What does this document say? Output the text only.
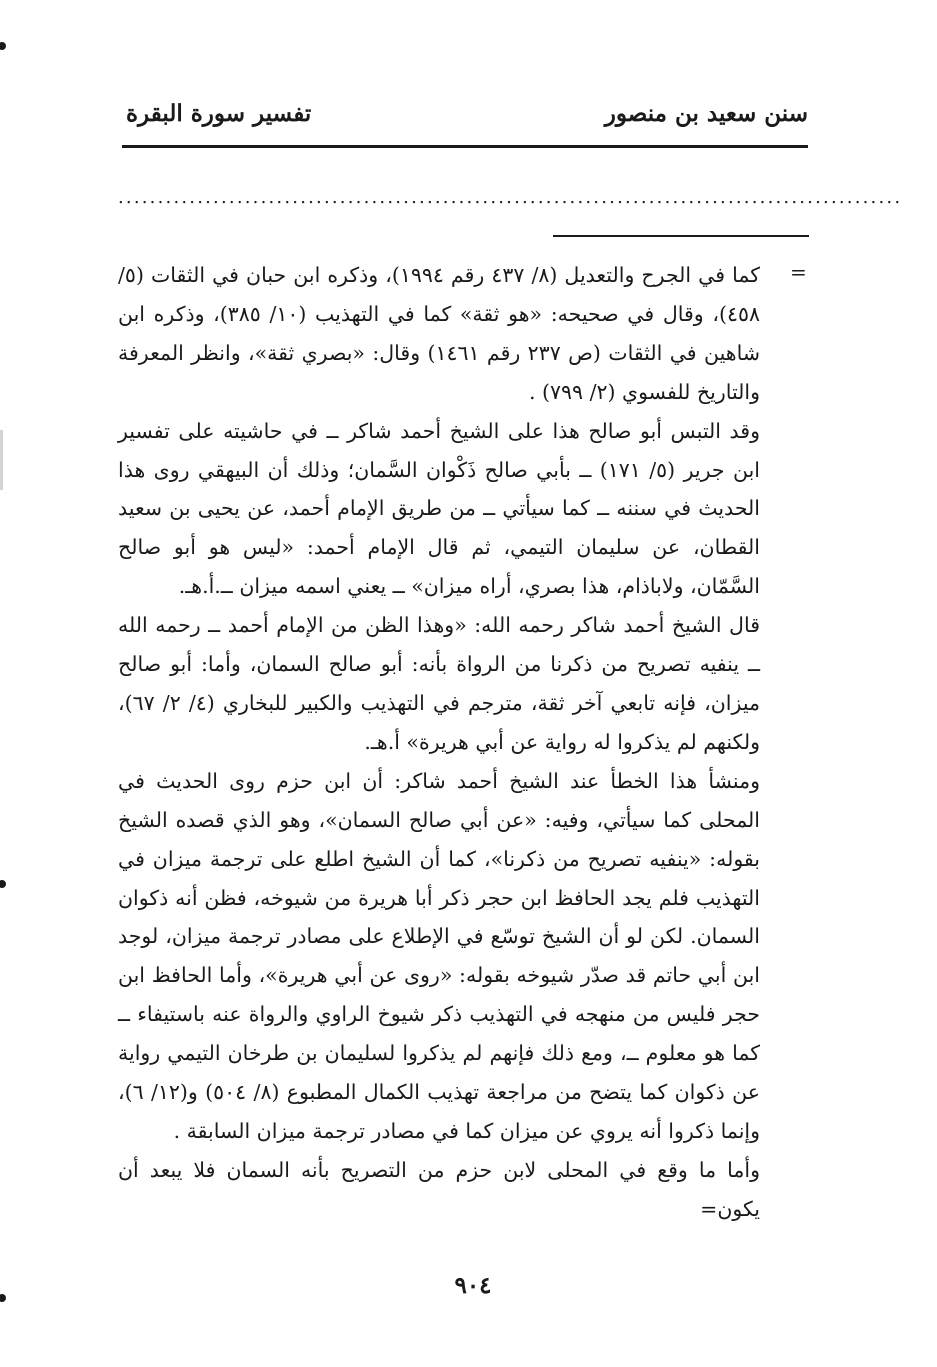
سنن سعيد بن منصور
تفسير سورة البقرة
...................................................................................................
=

كما في الجرح والتعديل (٨/ ٤٣٧ رقم ١٩٩٤)، وذكره ابن حبان في الثقات (٥/ ٤٥٨)، وقال في صحيحه: «هو ثقة» كما في التهذيب (١٠/ ٣٨٥)، وذكره ابن شاهين في الثقات (ص ٢٣٧ رقم ١٤٦١) وقال: «بصري ثقة»، وانظر المعرفة والتاريخ للفسوي (٢/ ٧٩٩) .

وقد التبس أبو صالح هذا على الشيخ أحمد شاكر ــ في حاشيته على تفسير ابن جرير (٥/ ١٧١) ــ بأبي صالح ذَكْوان السَّمان؛ وذلك أن البيهقي روى هذا الحديث في سننه ــ كما سيأتي ــ من طريق الإمام أحمد، عن يحيى بن سعيد القطان، عن سليمان التيمي، ثم قال الإمام أحمد: «ليس هو أبو صالح السَّمّان، ولاباذام، هذا بصري، أراه ميزان» ــ يعني اسمه ميزان ــ.أ.هـ.

قال الشيخ أحمد شاكر رحمه الله: «وهذا الظن من الإمام أحمد ــ رحمه الله ــ ينفيه تصريح من ذكرنا من الرواة بأنه: أبو صالح السمان، وأما: أبو صالح ميزان، فإنه تابعي آخر ثقة، مترجم في التهذيب والكبير للبخاري (٤/ ٢/ ٦٧)، ولكنهم لم يذكروا له رواية عن أبي هريرة» أ.هـ.

ومنشأ هذا الخطأ عند الشيخ أحمد شاكر: أن ابن حزم روى الحديث في المحلى كما سيأتي، وفيه: «عن أبي صالح السمان»، وهو الذي قصده الشيخ بقوله: «ينفيه تصريح من ذكرنا»، كما أن الشيخ اطلع على ترجمة ميزان في التهذيب فلم يجد الحافظ ابن حجر ذكر أبا هريرة من شيوخه، فظن أنه ذكوان السمان. لكن لو أن الشيخ توسّع في الإطلاع على مصادر ترجمة ميزان، لوجد ابن أبي حاتم قد صدّر شيوخه بقوله: «روى عن أبي هريرة»، وأما الحافظ ابن حجر فليس من منهجه في التهذيب ذكر شيوخ الراوي والرواة عنه باستيفاء ــ كما هو معلوم ــ، ومع ذلك فإنهم لم يذكروا لسليمان بن طرخان التيمي رواية عن ذكوان كما يتضح من مراجعة تهذيب الكمال المطبوع (٨/ ٥٠٤) و(١٢/ ٦)، وإنما ذكروا أنه يروي عن ميزان كما في مصادر ترجمة ميزان السابقة .

وأما ما وقع في المحلى لابن حزم من التصريح بأنه السمان فلا يبعد أن يكون=

٩٠٤
